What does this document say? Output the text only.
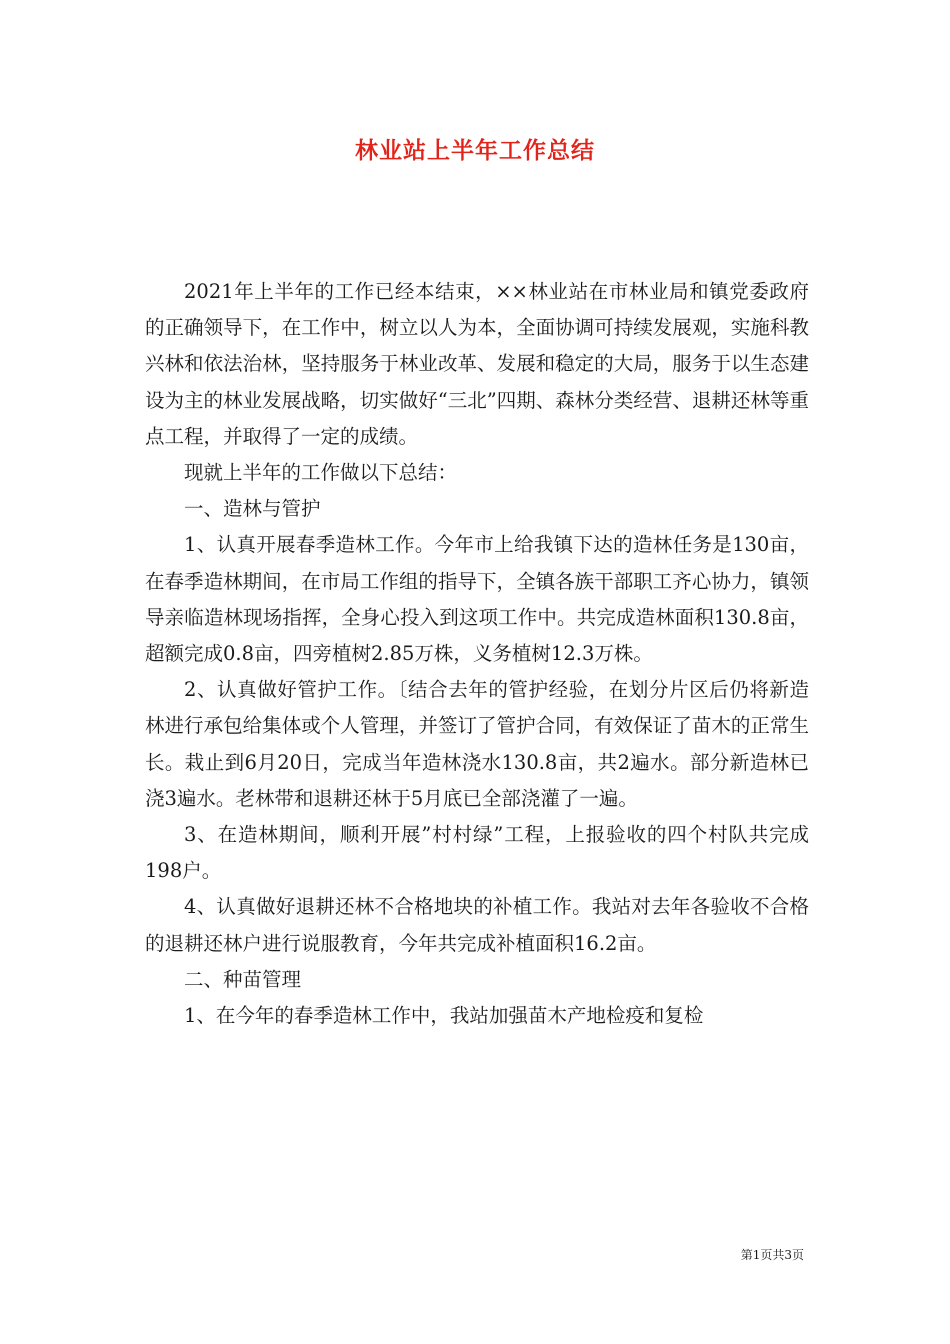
林业站上半年工作总结

2021年上半年的工作已经本结束，××林业站在市林业局和镇党委政府的正确领导下，在工作中，树立以人为本，全面协调可持续发展观，实施科教兴林和依法治林，坚持服务于林业改革、发展和稳定的大局，服务于以生态建设为主的林业发展战略，切实做好“三北”四期、森林分类经营、退耕还林等重点工程，并取得了一定的成绩。

现就上半年的工作做以下总结：

一、造林与管护

1、认真开展春季造林工作。今年市上给我镇下达的造林任务是130亩，在春季造林期间，在市局工作组的指导下，全镇各族干部职工齐心协力，镇领导亲临造林现场指挥，全身心投入到这项工作中。共完成造林面积130.8亩，超额完成0.8亩，四旁植树2.85万株，义务植树12.3万株。

2、认真做好管护工作。〔结合去年的管护经验，在划分片区后仍将新造林进行承包给集体或个人管理，并签订了管护合同，有效保证了苗木的正常生长。栽止到6月20日，完成当年造林浇水130.8亩，共2遍水。部分新造林已浇3遍水。老林带和退耕还林于5月底已全部浇灌了一遍。

3、在造林期间，顺利开展”村村绿”工程，上报验收的四个村队共完成198户。

4、认真做好退耕还林不合格地块的补植工作。我站对去年各验收不合格的退耕还林户进行说服教育，今年共完成补植面积16.2亩。

二、种苗管理

1、在今年的春季造林工作中，我站加强苗木产地检疫和复检

第1页共3页
